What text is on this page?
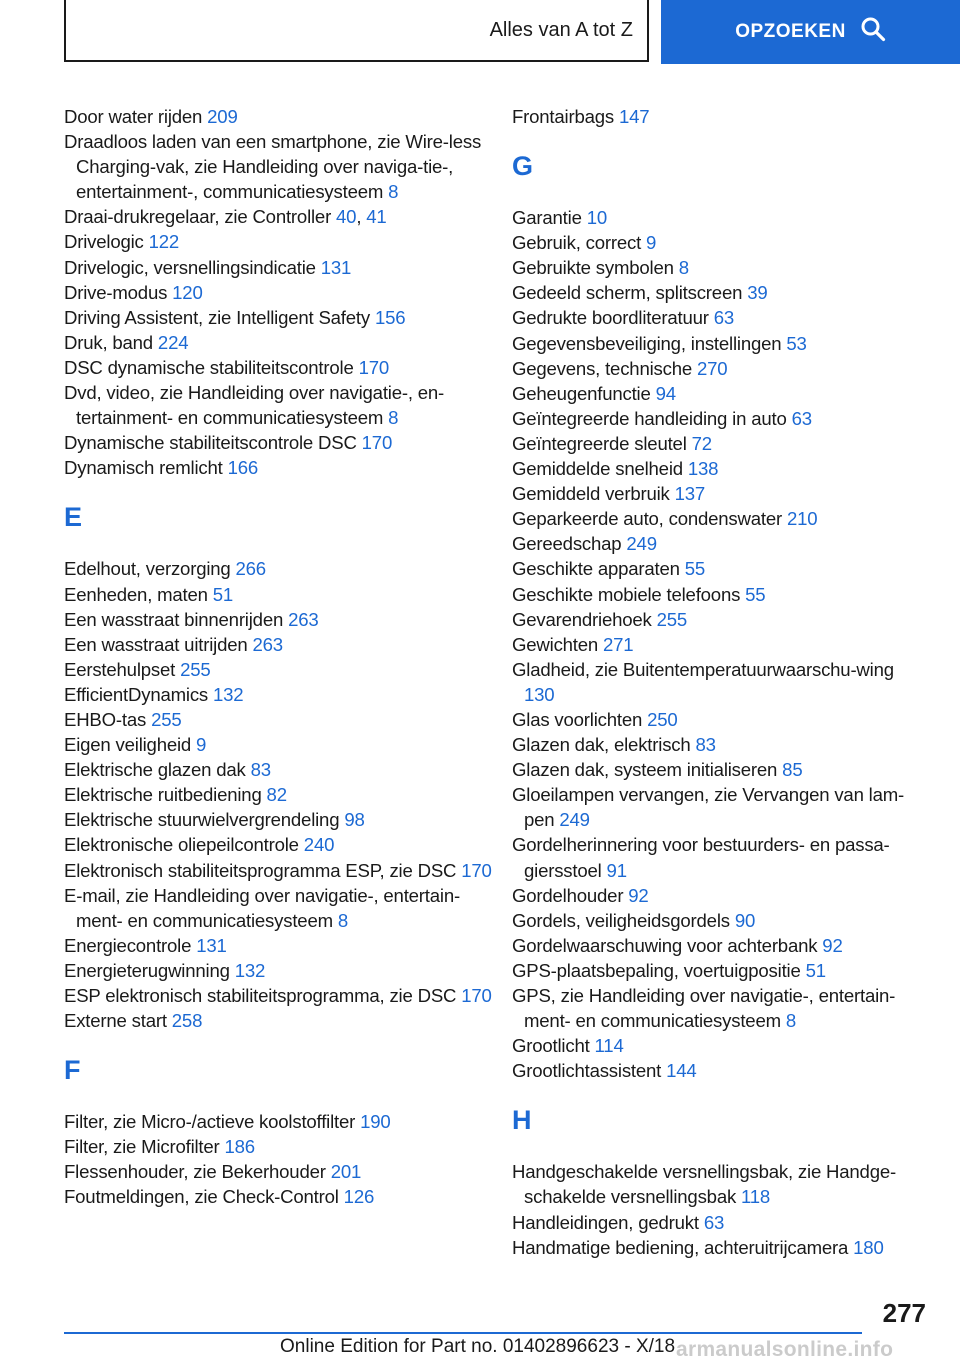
Alles van A tot Z	OPZOEKEN
Door water rijden 209
Draadloos laden van een smartphone, zie Wire‐less Charging-vak, zie Handleiding over naviga‐tie-, entertainment-, communicatiesysteem 8
Draai-drukregelaar, zie Controller 40, 41
Drivelogic 122
Drivelogic, versnellingsindicatie 131
Drive-modus 120
Driving Assistent, zie Intelligent Safety 156
Druk, band 224
DSC dynamische stabiliteitscontrole 170
Dvd, video, zie Handleiding over navigatie-, en‐tertainment- en communicatiesysteem 8
Dynamische stabiliteitscontrole DSC 170
Dynamisch remlicht 166
E
Edelhout, verzorging 266
Eenheden, maten 51
Een wasstraat binnenrijden 263
Een wasstraat uitrijden 263
Eerstehulpset 255
EfficientDynamics 132
EHBO-tas 255
Eigen veiligheid 9
Elektrische glazen dak 83
Elektrische ruitbediening 82
Elektrische stuurwielvergrendeling 98
Elektronische oliepeilcontrole 240
Elektronisch stabiliteitsprogramma ESP, zie DSC 170
E-mail, zie Handleiding over navigatie-, entertain‐ment- en communicatiesysteem 8
Energiecontrole 131
Energieterugwinning 132
ESP elektronisch stabiliteitsprogramma, zie DSC 170
Externe start 258
F
Filter, zie Micro-/actieve koolstoffilter 190
Filter, zie Microfilter 186
Flessenhouder, zie Bekerhouder 201
Foutmeldingen, zie Check-Control 126
Frontairbags 147
G
Garantie 10
Gebruik, correct 9
Gebruikte symbolen 8
Gedeeld scherm, splitscreen 39
Gedrukte boordliteratuur 63
Gegevensbeveiliging, instellingen 53
Gegevens, technische 270
Geheugenfunctie 94
Geïntegreerde handleiding in auto 63
Geïntegreerde sleutel 72
Gemiddelde snelheid 138
Gemiddeld verbruik 137
Geparkeerde auto, condenswater 210
Gereedschap 249
Geschikte apparaten 55
Geschikte mobiele telefoons 55
Gevarendriehoek 255
Gewichten 271
Gladheid, zie Buitentemperatuurwaarschu‐wing 130
Glas voorlichten 250
Glazen dak, elektrisch 83
Glazen dak, systeem initialiseren 85
Gloeilampen vervangen, zie Vervangen van lam‐pen 249
Gordelherinnering voor bestuurders- en passa‐giersstoel 91
Gordelhouder 92
Gordels, veiligheidsgordels 90
Gordelwaarschuwing voor achterbank 92
GPS-plaatsbepaling, voertuigpositie 51
GPS, zie Handleiding over navigatie-, entertain‐ment- en communicatiesysteem 8
Grootlicht 114
Grootlichtassistent 144
H
Handgeschakelde versnellingsbak, zie Handge‐schakelde versnellingsbak 118
Handleidingen, gedrukt 63
Handmatige bediening, achteruitrijcamera 180
277
Online Edition for Part no. 01402896623 - X/18 armanualsonline.info
